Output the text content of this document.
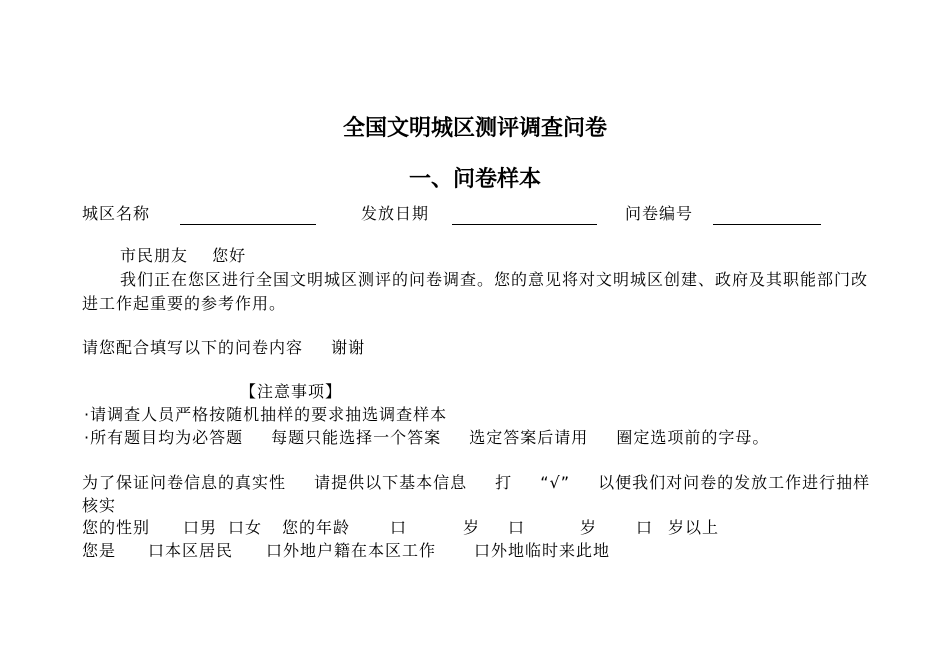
全国文明城区测评调查问卷
一、问卷样本
城区名称	发放日期	问卷编号
市民朋友 您好
我们正在您区进行全国文明城区测评的问卷调查。您的意见将对文明城区创建、政府及其职能部门改进工作起重要的参考作用。
请您配合填写以下的问卷内容 谢谢
【注意事项】
·请调查人员严格按随机抽样的要求抽选调查样本
·所有题目均为必答题 每题只能选择一个答案 选定答案后请用 圈定选项前的字母。
为了保证问卷信息的真实性 请提供以下基本信息 打 “√” 以便我们对问卷的发放工作进行抽样核实
您的性别 口男 口女 您的年龄 口	岁 口	岁 口 岁以上
您是 口本区居民 口外地户籍在本区工作 口外地临时来此地
